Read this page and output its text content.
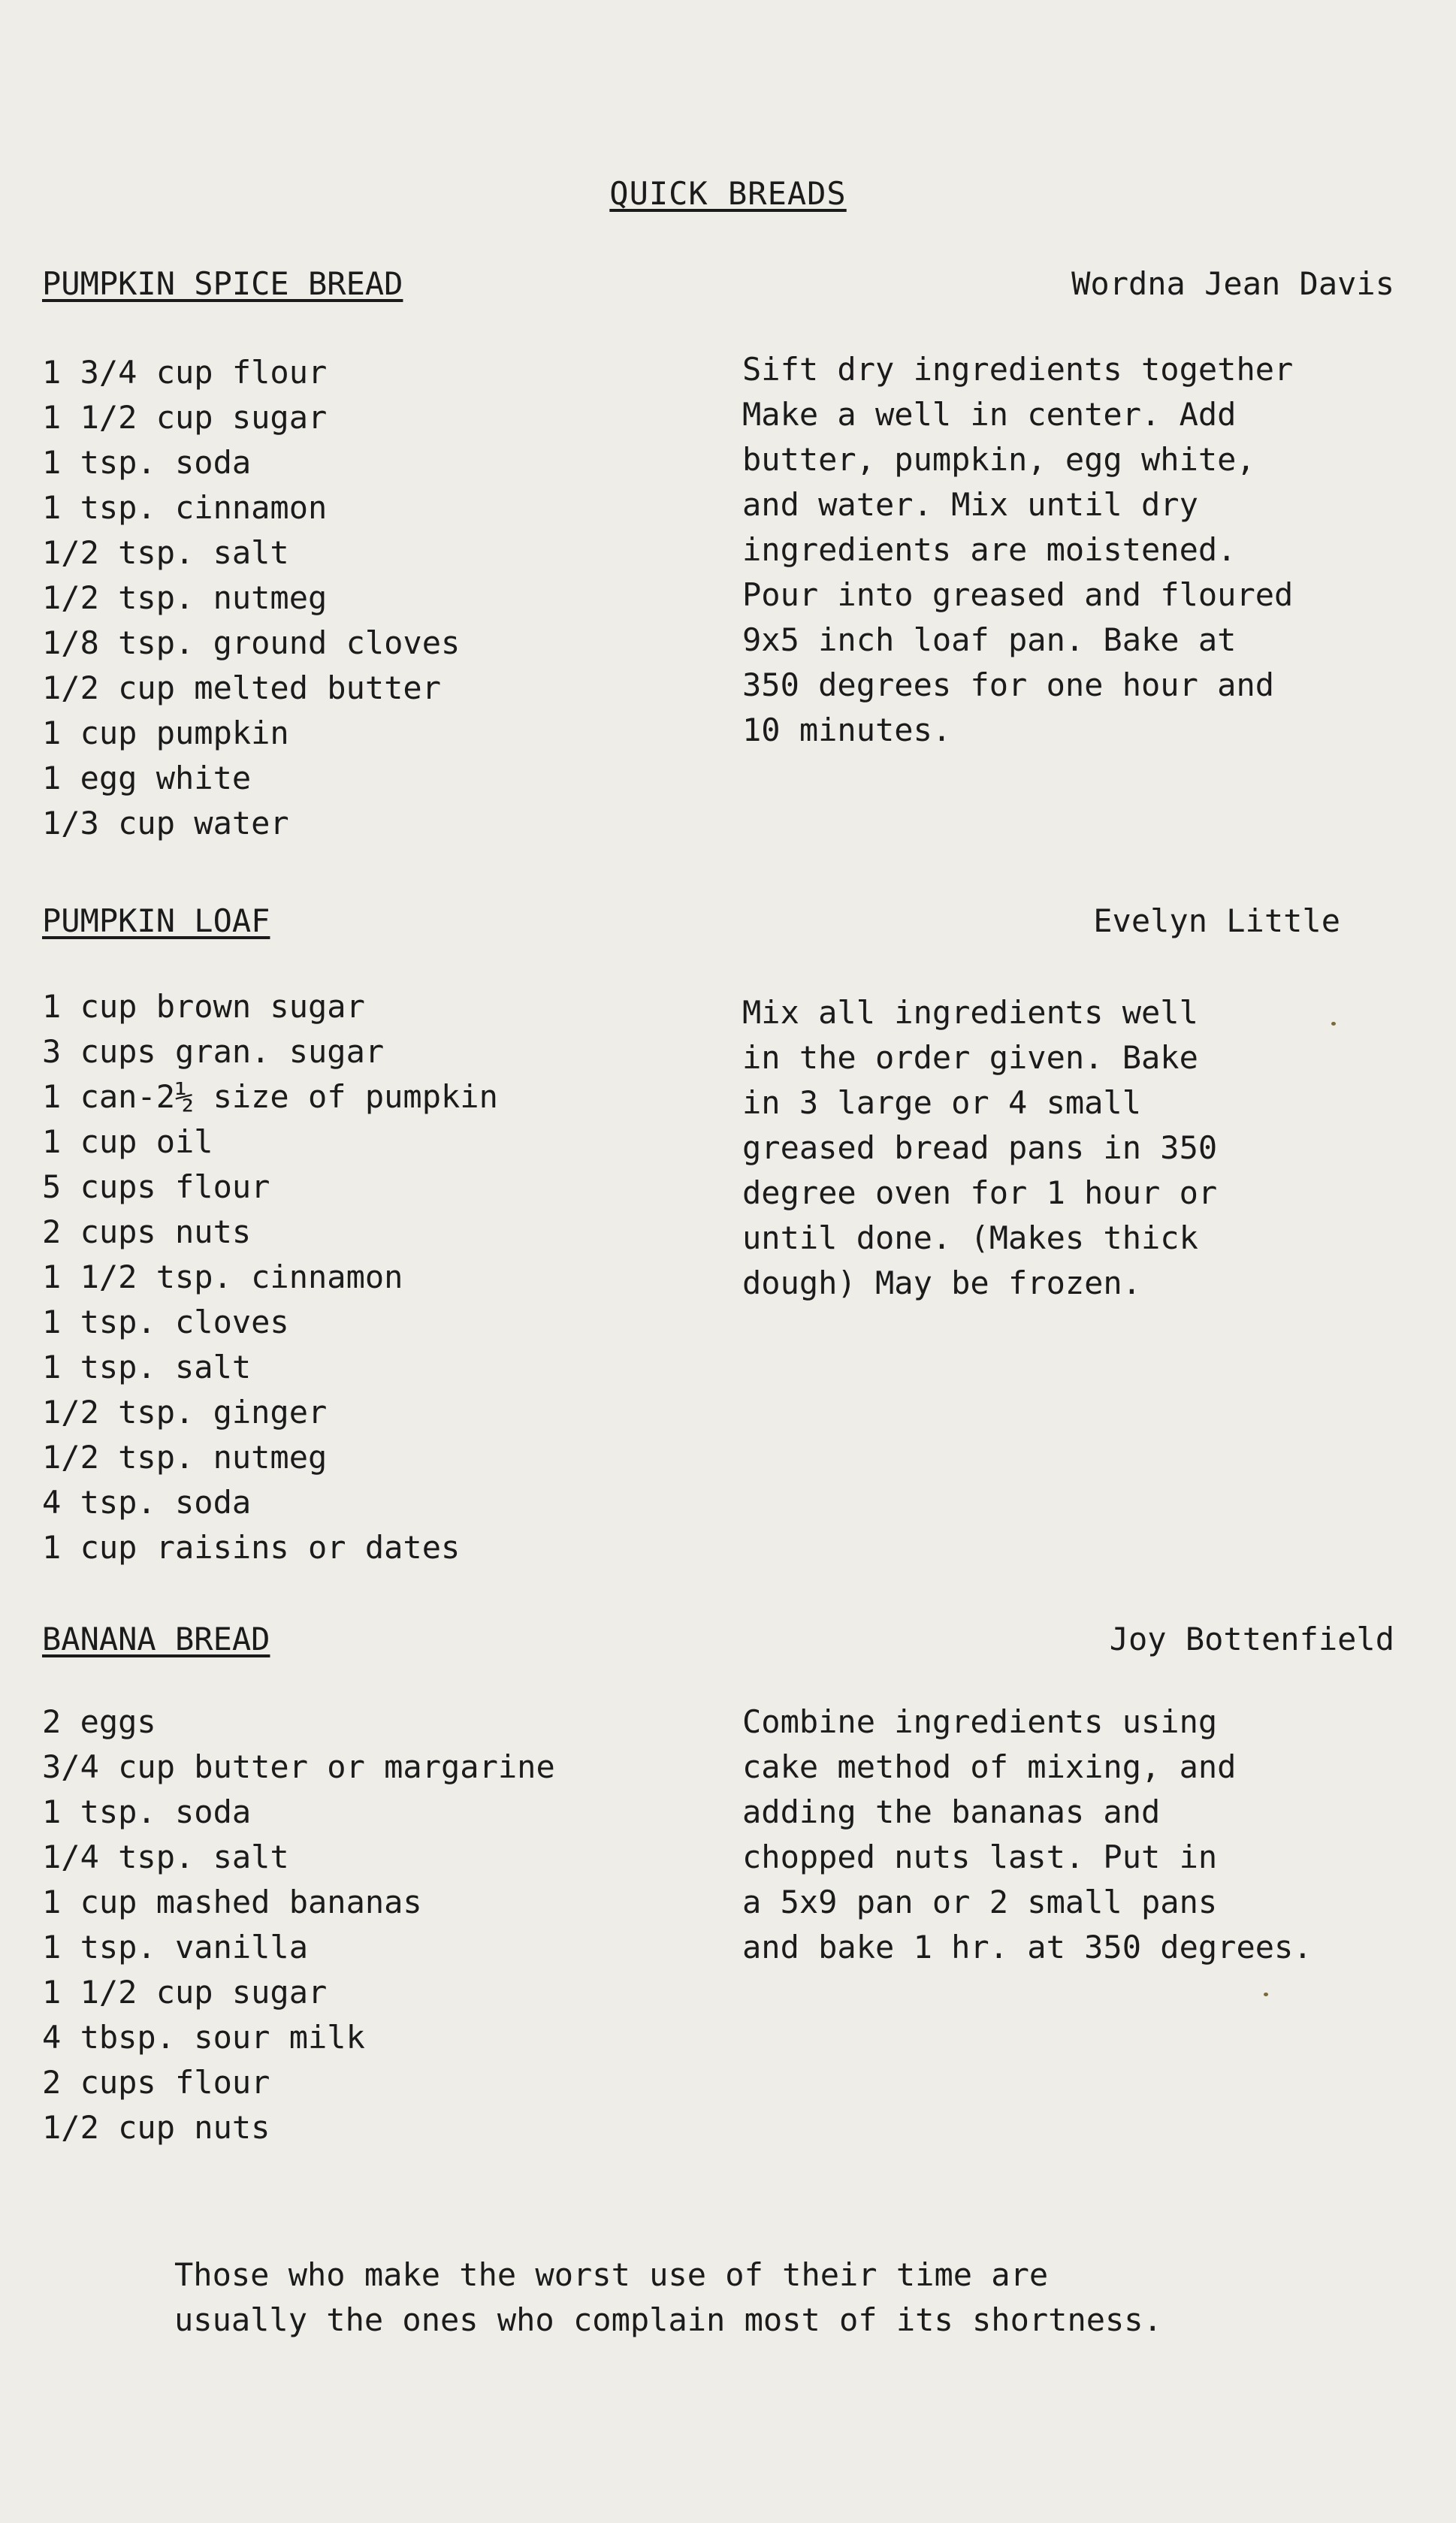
QUICK BREADS
PUMPKIN SPICE BREAD	Wordna Jean Davis
1 3/4 cup flour
1 1/2 cup sugar
1 tsp. soda
1 tsp. cinnamon
1/2 tsp. salt
1/2 tsp. nutmeg
1/8 tsp. ground cloves
1/2 cup melted butter
1 cup pumpkin
1 egg white
1/3 cup water
Sift dry ingredients together
Make a well in center. Add
butter, pumpkin, egg white,
and water. Mix until dry
ingredients are moistened.
Pour into greased and floured
9x5 inch loaf pan. Bake at
350 degrees for one hour and
10 minutes.
PUMPKIN LOAF	Evelyn Little
1 cup brown sugar
3 cups gran. sugar
1 can-2½ size of pumpkin
1 cup oil
5 cups flour
2 cups nuts
1 1/2 tsp. cinnamon
1 tsp. cloves
1 tsp. salt
1/2 tsp. ginger
1/2 tsp. nutmeg
4 tsp. soda
1 cup raisins or dates
Mix all ingredients well
in the order given. Bake
in 3 large or 4 small
greased bread pans in 350
degree oven for 1 hour or
until done. (Makes thick
dough) May be frozen.
BANANA BREAD	Joy Bottenfield
2 eggs
3/4 cup butter or margarine
1 tsp. soda
1/4 tsp. salt
1 cup mashed bananas
1 tsp. vanilla
1 1/2 cup sugar
4 tbsp. sour milk
2 cups flour
1/2 cup nuts
Combine ingredients using
cake method of mixing, and
adding the bananas and
chopped nuts last. Put in
a 5x9 pan or 2 small pans
and bake 1 hr. at 350 degrees.
Those who make the worst use of their time are
usually the ones who complain most of its shortness.
